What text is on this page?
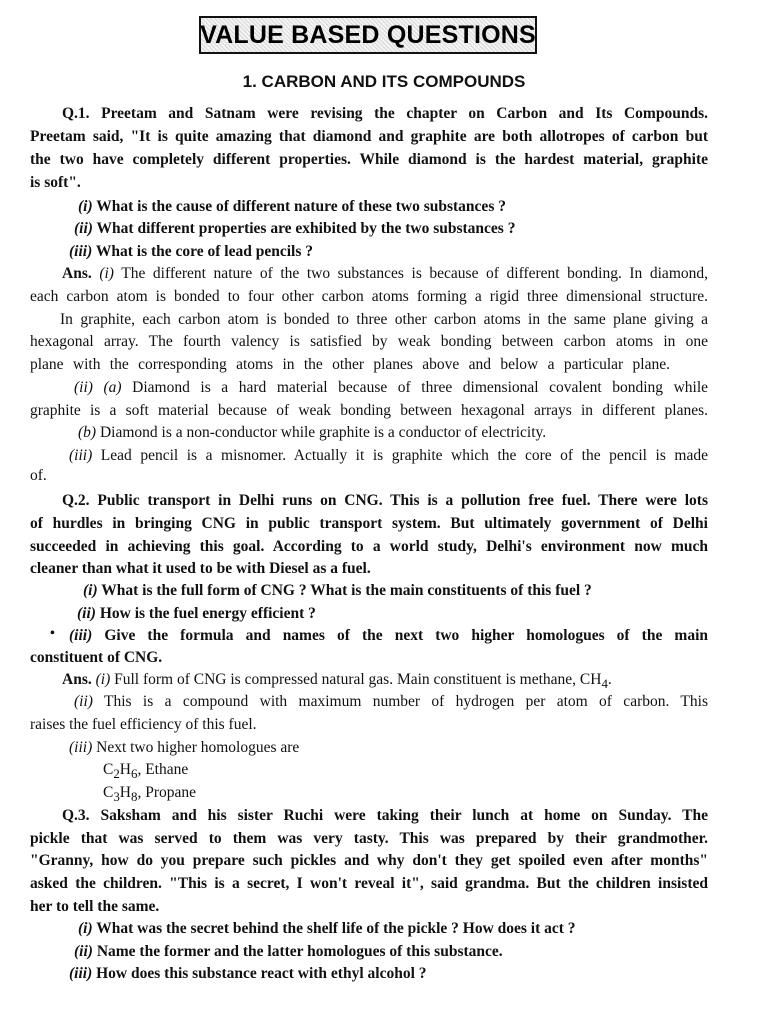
VALUE BASED QUESTIONS
1. CARBON AND ITS COMPOUNDS
Q.1. Preetam and Satnam were revising the chapter on Carbon and Its Compounds.
Preetam said, "It is quite amazing that diamond and graphite are both allotropes of carbon but
the two have completely different properties. While diamond is the hardest material, graphite
is soft".
(i) What is the cause of different nature of these two substances ?
(ii) What different properties are exhibited by the two substances ?
(iii) What is the core of lead pencils ?
Ans. (i) The different nature of the two substances is because of different bonding. In diamond,
each carbon atom is bonded to four other carbon atoms forming a rigid three dimensional structure.
In graphite, each carbon atom is bonded to three other carbon atoms in the same plane giving a
hexagonal array. The fourth valency is satisfied by weak bonding between carbon atoms in one
plane with the corresponding atoms in the other planes above and below a particular plane.
(ii) (a) Diamond is a hard material because of three dimensional covalent bonding while
graphite is a soft material because of weak bonding between hexagonal arrays in different planes.
(b) Diamond is a non-conductor while graphite is a conductor of electricity.
(iii) Lead pencil is a misnomer. Actually it is graphite which the core of the pencil is made
of.
Q.2. Public transport in Delhi runs on CNG. This is a pollution free fuel. There were lots
of hurdles in bringing CNG in public transport system. But ultimately government of Delhi
succeeded in achieving this goal. According to a world study, Delhi's environment now much
cleaner than what it used to be with Diesel as a fuel.
(i) What is the full form of CNG ? What is the main constituents of this fuel ?
(ii) How is the fuel energy efficient ?
• (iii) Give the formula and names of the next two higher homologues of the main
constituent of CNG.
Ans. (i) Full form of CNG is compressed natural gas. Main constituent is methane, $CH_4$.
(ii) This is a compound with maximum number of hydrogen per atom of carbon. This
raises the fuel efficiency of this fuel.
(iii) Next two higher homologues are
$C_2H_6$, Ethane
$C_3H_8$, Propane
Q.3. Saksham and his sister Ruchi were taking their lunch at home on Sunday. The
pickle that was served to them was very tasty. This was prepared by their grandmother.
"Granny, how do you prepare such pickles and why don't they get spoiled even after months"
asked the children. "This is a secret, I won't reveal it", said grandma. But the children insisted
her to tell the same.
(i) What was the secret behind the shelf life of the pickle ? How does it act ?
(ii) Name the former and the latter homologues of this substance.
(iii) How does this substance react with ethyl alcohol ?
